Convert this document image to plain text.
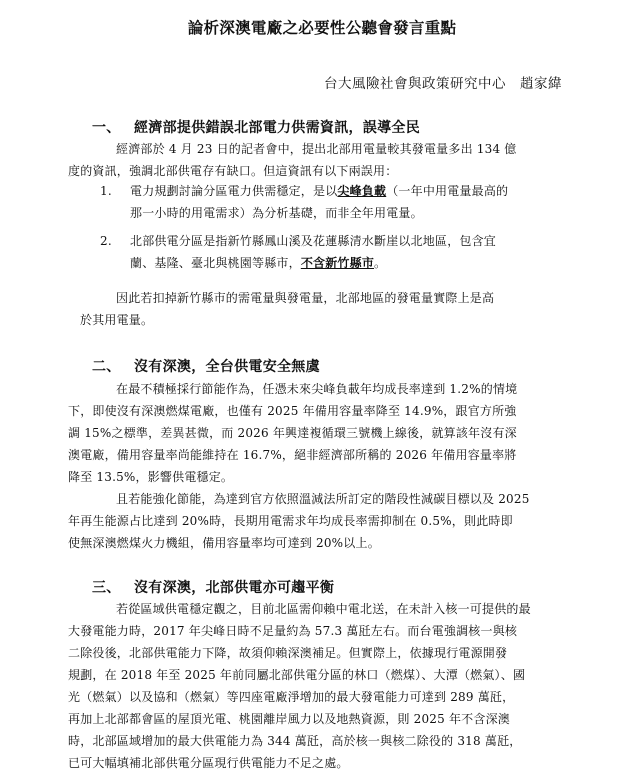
論析深澳電廠之必要性公聽會發言重點
台大風險社會與政策研究中心　趙家緯
一、 經濟部提供錯誤北部電力供需資訊，誤導全民
經濟部於 4 月 23 日的記者會中，提出北部用電量較其發電量多出 134 億
度的資訊，強調北部供電存有缺口。但這資訊有以下兩誤用：
1. 電力規劃討論分區電力供需穩定，是以尖峰負載（一年中用電量最高的
那一小時的用電需求）為分析基礎，而非全年用電量。
2. 北部供電分區是指新竹縣鳳山溪及花蓮縣清水斷崖以北地區，包含宜
蘭、基隆、臺北與桃園等縣市，不含新竹縣市。
因此若扣掉新竹縣市的需電量與發電量，北部地區的發電量實際上是高
於其用電量。
二、 沒有深澳，全台供電安全無虞
在最不積極採行節能作為，任憑未來尖峰負載年均成長率達到 1.2%的情境
下，即使沒有深澳燃煤電廠，也僅有 2025 年備用容量率降至 14.9%，跟官方所強
調 15%之標準，差異甚微，而 2026 年興達複循環三號機上線後，就算該年沒有深
澳電廠，備用容量率尚能維持在 16.7%，絕非經濟部所稱的 2026 年備用容量率將
降至 13.5%，影響供電穩定。
且若能強化節能，為達到官方依照溫減法所訂定的階段性減碳目標以及 2025
年再生能源占比達到 20%時，長期用電需求年均成長率需抑制在 0.5%，則此時即
使無深澳燃煤火力機組，備用容量率均可達到 20%以上。
三、 沒有深澳，北部供電亦可趨平衡
若從區域供電穩定觀之，目前北區需仰賴中電北送，在未計入核一可提供的最
大發電能力時，2017 年尖峰日時不足量約為 57.3 萬瓩左右。而台電強調核一與核
二除役後，北部供電能力下降，故須仰賴深澳補足。但實際上，依據現行電源開發
規劃，在 2018 年至 2025 年前同屬北部供電分區的林口（燃煤）、大潭（燃氣）、國
光（燃氣）以及協和（燃氣）等四座電廠淨增加的最大發電能力可達到 289 萬瓩，
再加上北部都會區的屋頂光電、桃園離岸風力以及地熱資源，則 2025 年不含深澳
時，北部區域增加的最大供電能力為 344 萬瓩，高於核一與核二除役的 318 萬瓩，
已可大幅填補北部供電分區現行供電能力不足之處。
